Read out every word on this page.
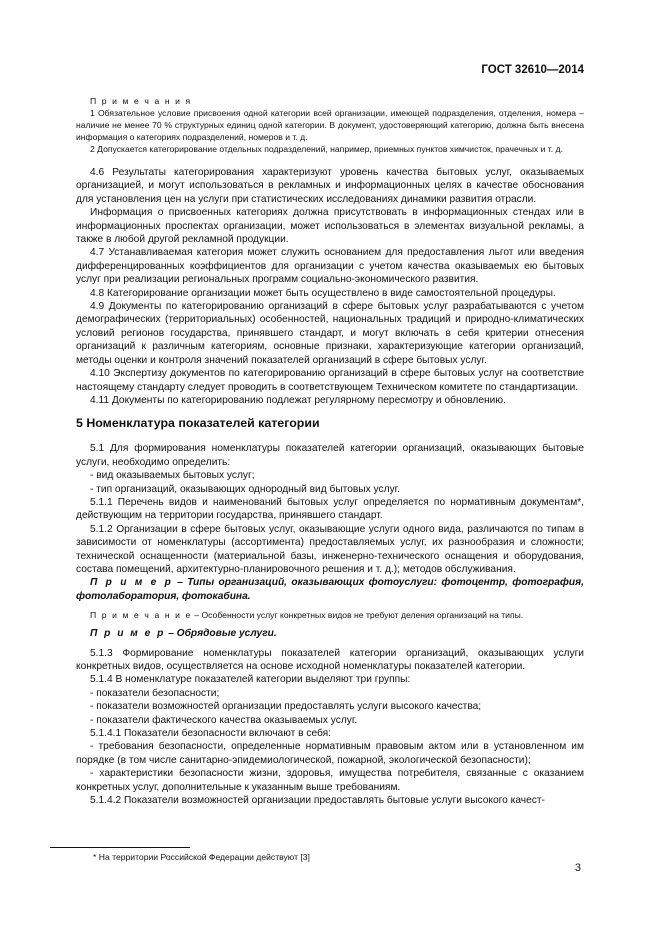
ГОСТ 32610—2014

П р и м е ч а н и я

1 Обязательное условие присвоения одной категории всей организации, имеющей подразделения, отделения, номера – наличие не менее 70 % структурных единиц одной категории. В документ, удостоверяющий категорию, должна быть внесена информация о категориях подразделений, номеров и т. д.

2 Допускается категорирование отдельных подразделений, например, приемных пунктов химчисток, прачечных и т. д.

4.6 Результаты категорирования характеризуют уровень качества бытовых услуг, оказываемых организацией, и могут использоваться в рекламных и информационных целях в качестве обоснования для установления цен на услуги при статистических исследованиях динамики развития отрасли.

Информация о присвоенных категориях должна присутствовать в информационных стендах или в информационных проспектах организации, может использоваться в элементах визуальной рекламы, а также в любой другой рекламной продукции.

4.7 Устанавливаемая категория может служить основанием для предоставления льгот или введения дифференцированных коэффициентов для организации с учетом качества оказываемых ею бытовых услуг при реализации региональных программ социально-экономического развития.

4.8 Категорирование организации может быть осуществлено в виде самостоятельной процедуры.

4.9 Документы по категорированию организаций в сфере бытовых услуг разрабатываются с учетом демографических (территориальных) особенностей, национальных традиций и природно-климатических условий регионов государства, принявшего стандарт, и могут включать в себя критерии отнесения организаций к различным категориям, основные признаки, характеризующие категории организаций, методы оценки и контроля значений показателей организаций в сфере бытовых услуг.

4.10 Экспертизу документов по категорированию организаций в сфере бытовых услуг на соответствие настоящему стандарту следует проводить в соответствующем Техническом комитете по стандартизации.

4.11 Документы по категорированию подлежат регулярному пересмотру и обновлению.

5 Номенклатура показателей категории

5.1 Для формирования номенклатуры показателей категории организаций, оказывающих бытовые услуги, необходимо определить:

- вид оказываемых бытовых услуг;

- тип организаций, оказывающих однородный вид бытовых услуг.

5.1.1 Перечень видов и наименований бытовых услуг определяется по нормативным документам*, действующим на территории государства, принявшего стандарт.

5.1.2 Организации в сфере бытовых услуг, оказывающие услуги одного вида, различаются по типам в зависимости от номенклатуры (ассортимента) предоставляемых услуг, их разнообразия и сложности; технической оснащенности (материальной базы, инженерно-технического оснащения и оборудования, состава помещений, архитектурно-планировочного решения и т. д.); методов обслуживания.

П р и м е р – Типы организаций, оказывающих фотоуслуги: фотоцентр, фотография, фотолаборатория, фотокабина.

П р и м е ч а н и е – Особенности услуг конкретных видов не требуют деления организаций на типы.

П р и м е р – Обрядовые услуги.

5.1.3 Формирование номенклатуры показателей категории организаций, оказывающих услуги конкретных видов, осуществляется на основе исходной номенклатуры показателей категории.

5.1.4 В номенклатуре показателей категории выделяют три группы:

- показатели безопасности;

- показатели возможностей организации предоставлять услуги высокого качества;

- показатели фактического качества оказываемых услуг.

5.1.4.1 Показатели безопасности включают в себя:

- требования безопасности, определенные нормативным правовым актом или в установленном им порядке (в том числе санитарно-эпидемиологической, пожарной, экологической безопасности);

- характеристики безопасности жизни, здоровья, имущества потребителя, связанные с оказанием конкретных услуг, дополнительные к указанным выше требованиям.

5.1.4.2 Показатели возможностей организации предоставлять бытовые услуги высокого качест-

* На территории Российской Федерации действуют [3]
3
